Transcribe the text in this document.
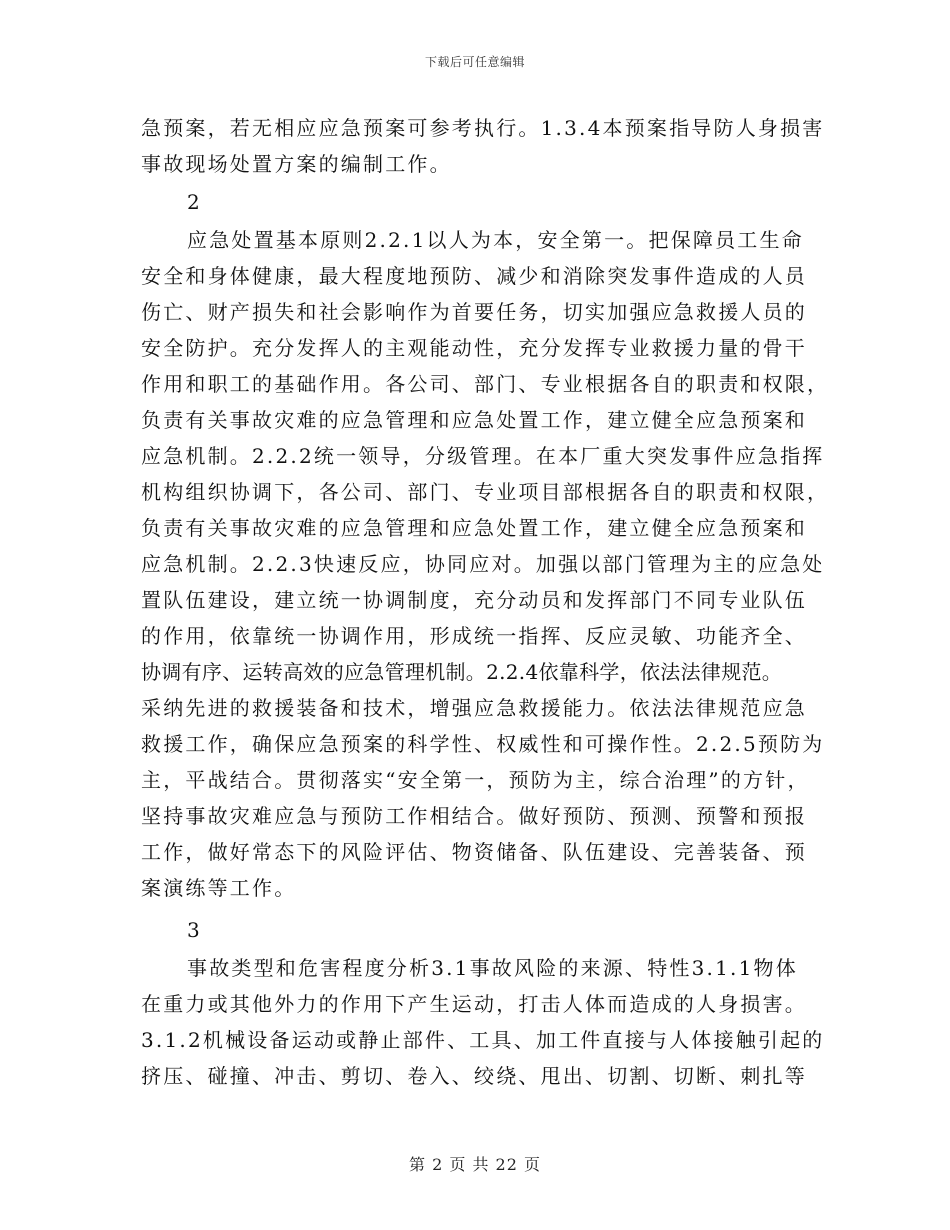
下载后可任意编辑
急预案，若无相应应急预案可参考执行。1.3.4本预案指导防人身损害
事故现场处置方案的编制工作。
2
应急处置基本原则2.2.1以人为本，安全第一。把保障员工生命
安全和身体健康，最大程度地预防、减少和消除突发事件造成的人员
伤亡、财产损失和社会影响作为首要任务，切实加强应急救援人员的
安全防护。充分发挥人的主观能动性，充分发挥专业救援力量的骨干
作用和职工的基础作用。各公司、部门、专业根据各自的职责和权限，
负责有关事故灾难的应急管理和应急处置工作，建立健全应急预案和
应急机制。2.2.2统一领导，分级管理。在本厂重大突发事件应急指挥
机构组织协调下，各公司、部门、专业项目部根据各自的职责和权限，
负责有关事故灾难的应急管理和应急处置工作，建立健全应急预案和
应急机制。2.2.3快速反应，协同应对。加强以部门管理为主的应急处
置队伍建设，建立统一协调制度，充分动员和发挥部门不同专业队伍
的作用，依靠统一协调作用，形成统一指挥、反应灵敏、功能齐全、
协调有序、运转高效的应急管理机制。2.2.4依靠科学，依法法律规范。
采纳先进的救援装备和技术，增强应急救援能力。依法法律规范应急
救援工作，确保应急预案的科学性、权威性和可操作性。2.2.5预防为
主，平战结合。贯彻落实“安全第一，预防为主，综合治理”的方针，
坚持事故灾难应急与预防工作相结合。做好预防、预测、预警和预报
工作，做好常态下的风险评估、物资储备、队伍建设、完善装备、预
案演练等工作。
3
事故类型和危害程度分析3.1事故风险的来源、特性3.1.1物体
在重力或其他外力的作用下产生运动，打击人体而造成的人身损害。
3.1.2机械设备运动或静止部件、工具、加工件直接与人体接触引起的
挤压、碰撞、冲击、剪切、卷入、绞绕、甩出、切割、切断、刺扎等
第 2 页 共 22 页
